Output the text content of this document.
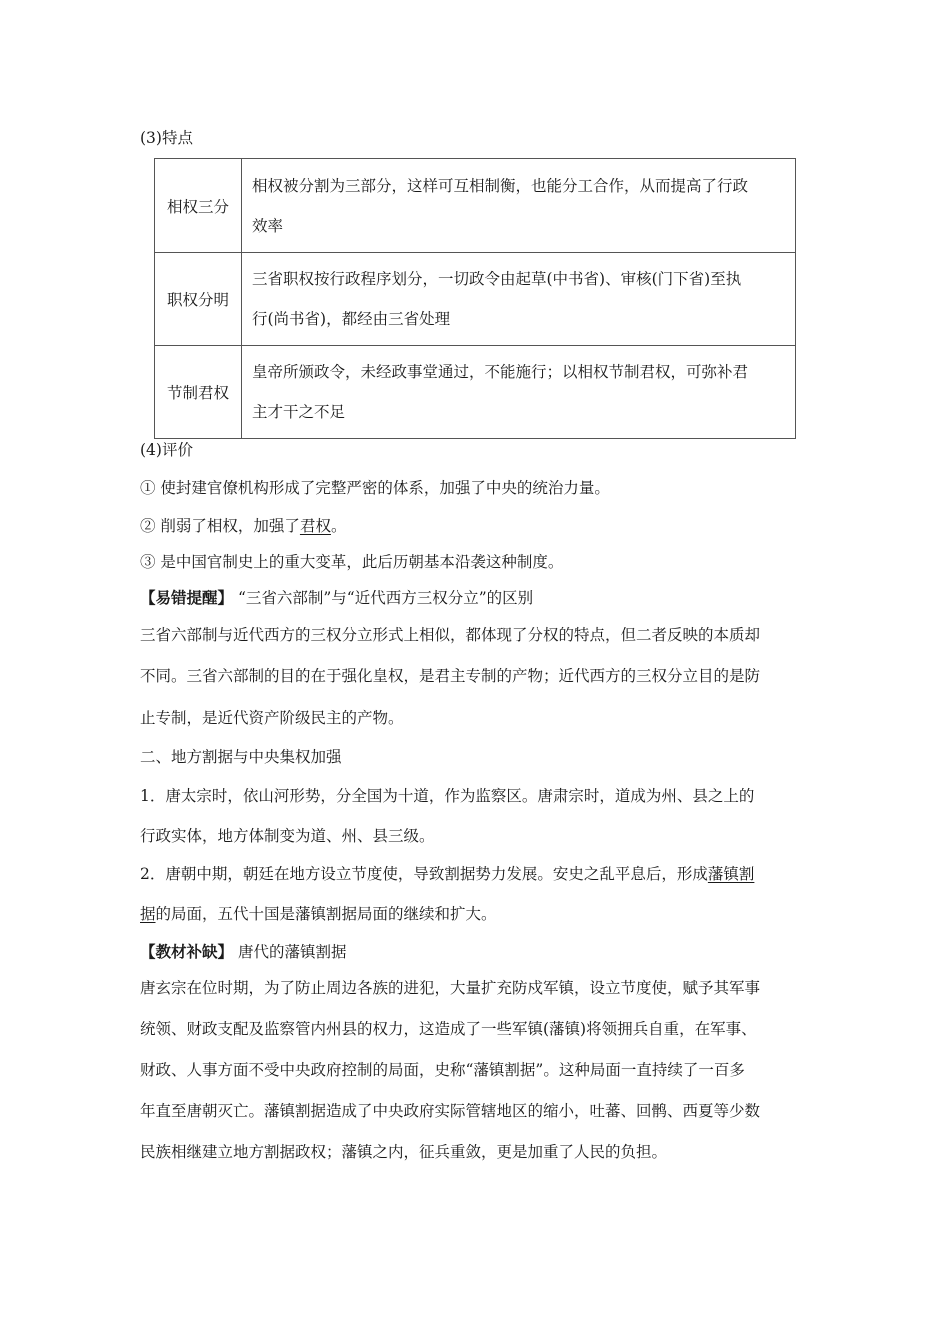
(3)特点
相权三分	相权被分割为三部分，这样可互相制衡，也能分工合作，从而提高了行政
效率

职权分明	三省职权按行政程序划分，一切政令由起草(中书省)、审核(门下省)至执
行(尚书省)，都经由三省处理

节制君权	皇帝所颁政令，未经政事堂通过，不能施行；以相权节制君权，可弥补君
主才干之不足
(4)评价
① 使封建官僚机构形成了完整严密的体系，加强了中央的统治力量。
② 削弱了相权，加强了君权。
③ 是中国官制史上的重大变革，此后历朝基本沿袭这种制度。
【易错提醒】 “三省六部制”与“近代西方三权分立”的区别
三省六部制与近代西方的三权分立形式上相似，都体现了分权的特点，但二者反映的本质却
不同。三省六部制的目的在于强化皇权，是君主专制的产物；近代西方的三权分立目的是防
止专制，是近代资产阶级民主的产物。
二、地方割据与中央集权加强
1．唐太宗时，依山河形势，分全国为十道，作为监察区。唐肃宗时，道成为州、县之上的
行政实体，地方体制变为道、州、县三级。
2．唐朝中期，朝廷在地方设立节度使，导致割据势力发展。安史之乱平息后，形成藩镇割
据的局面，五代十国是藩镇割据局面的继续和扩大。
【教材补缺】 唐代的藩镇割据
唐玄宗在位时期，为了防止周边各族的进犯，大量扩充防戍军镇，设立节度使，赋予其军事
统领、财政支配及监察管内州县的权力，这造成了一些军镇(藩镇)将领拥兵自重，在军事、
财政、人事方面不受中央政府控制的局面，史称“藩镇割据”。这种局面一直持续了一百多
年直至唐朝灭亡。藩镇割据造成了中央政府实际管辖地区的缩小，吐蕃、回鹘、西夏等少数
民族相继建立地方割据政权；藩镇之内，征兵重敛，更是加重了人民的负担。
